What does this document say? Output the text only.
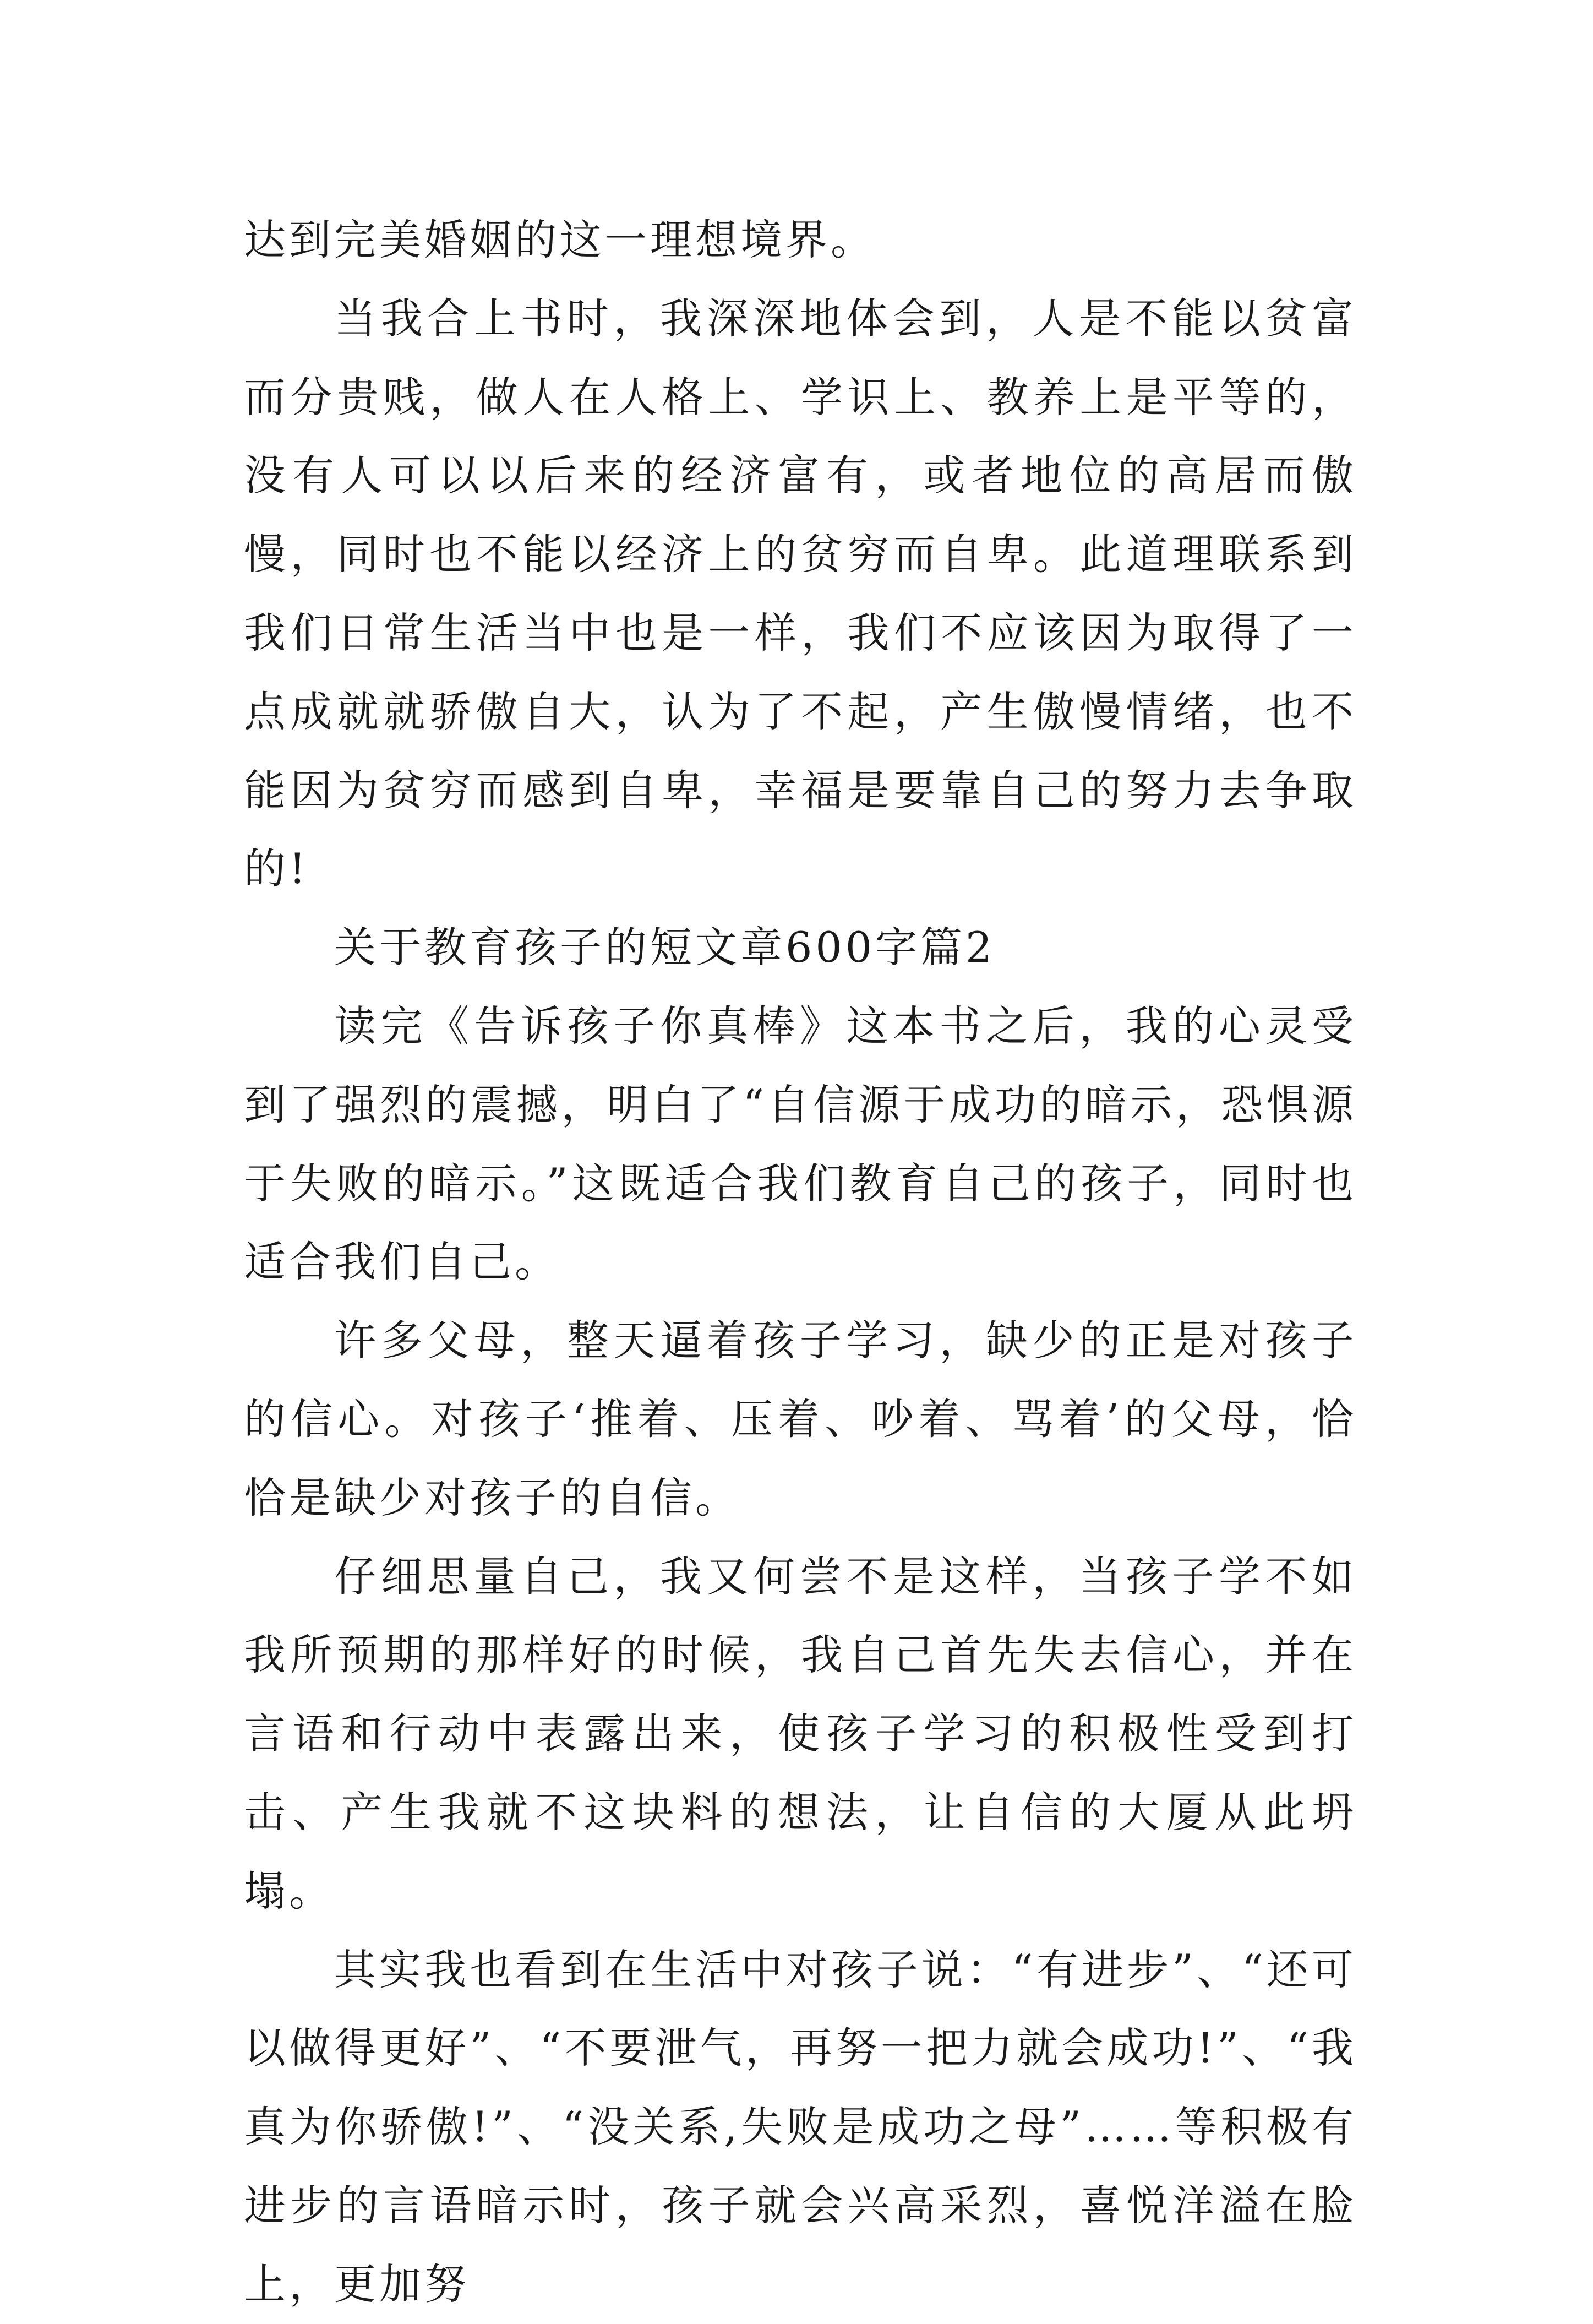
达到完美婚姻的这一理想境界。

当我合上书时，我深深地体会到，人是不能以贫富而分贵贱，做人在人格上、学识上、教养上是平等的，没有人可以以后来的经济富有，或者地位的高居而傲慢，同时也不能以经济上的贫穷而自卑。此道理联系到我们日常生活当中也是一样，我们不应该因为取得了一点成就就骄傲自大，认为了不起，产生傲慢情绪，也不能因为贫穷而感到自卑，幸福是要靠自己的努力去争取的!

关于教育孩子的短文章600字篇2

读完《告诉孩子你真棒》这本书之后，我的心灵受到了强烈的震撼，明白了“自信源于成功的暗示，恐惧源于失败的暗示。”这既适合我们教育自己的孩子，同时也适合我们自己。

许多父母，整天逼着孩子学习，缺少的正是对孩子的信心。对孩子‘推着、压着、吵着、骂着’的父母，恰恰是缺少对孩子的自信。

仔细思量自己，我又何尝不是这样，当孩子学不如我所预期的那样好的时候，我自己首先失去信心，并在言语和行动中表露出来，使孩子学习的积极性受到打击、产生我就不这块料的想法，让自信的大厦从此坍塌。

其实我也看到在生活中对孩子说：“有进步”、“还可以做得更好”、“不要泄气，再努一把力就会成功!”、“我真为你骄傲!”、“没关系,失败是成功之母”……等积极有进步的言语暗示时，孩子就会兴高采烈，喜悦洋溢在脸上，更加努
